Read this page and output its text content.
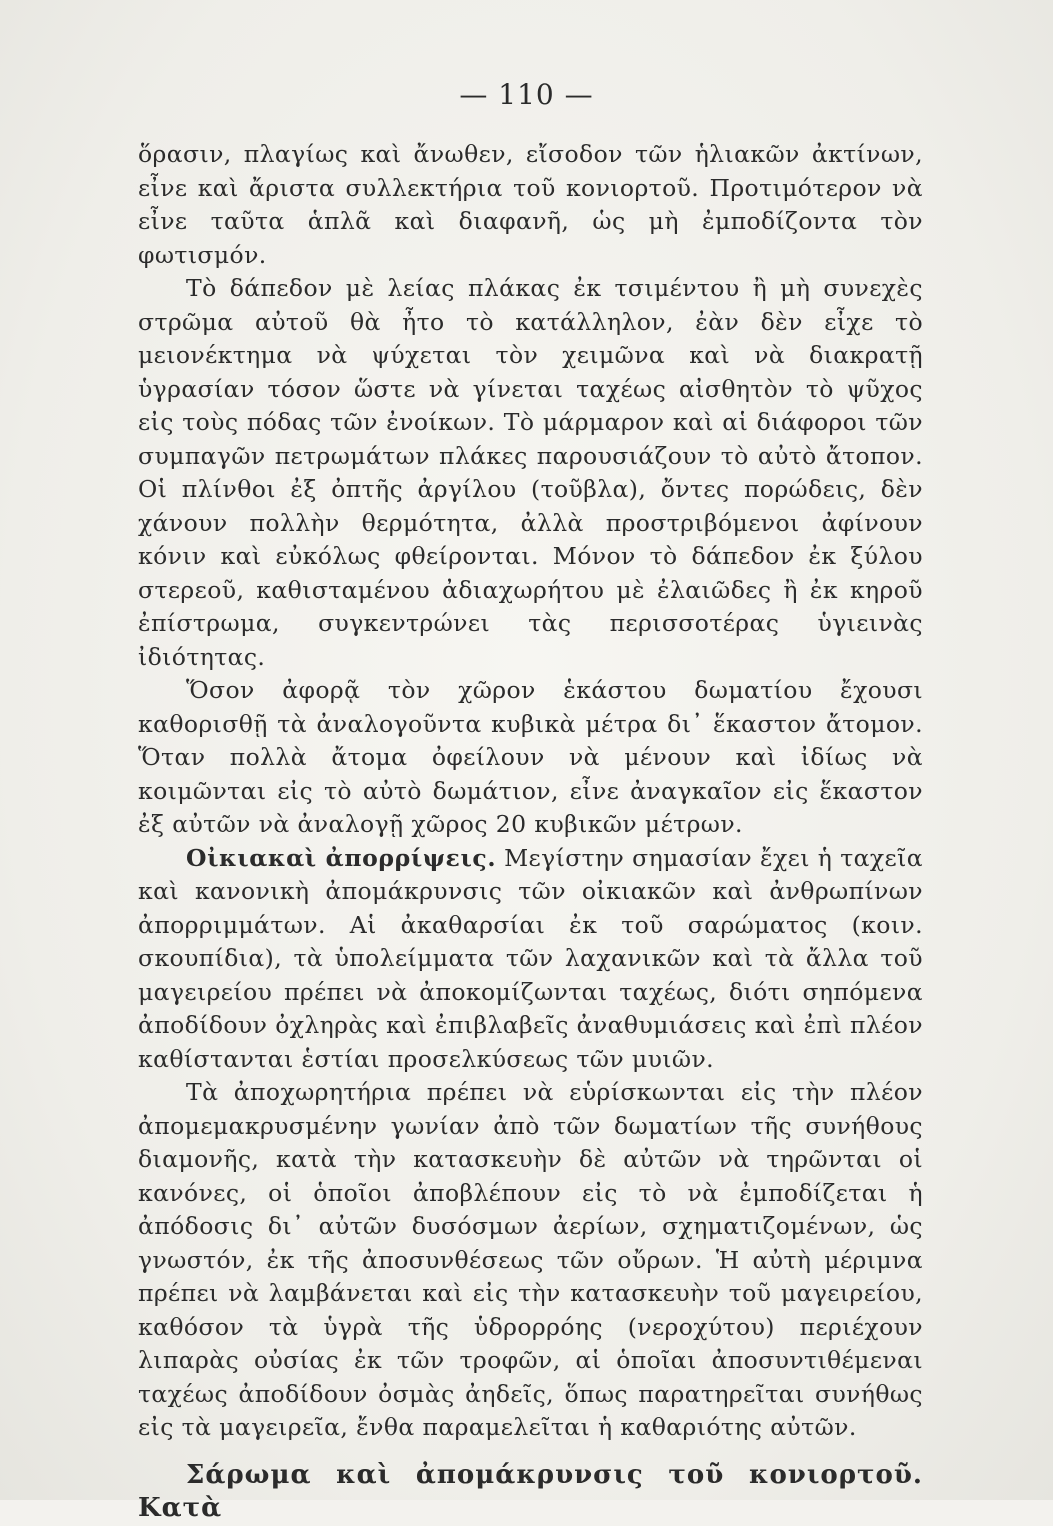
— 110 —

ὅρασιν, πλαγίως καὶ ἄνωθεν, εἴσοδον τῶν ἡλιακῶν ἀκτίνων, εἶνε καὶ ἄριστα συλλεκτήρια τοῦ κονιορτοῦ. Προτιμότερον νὰ εἶνε ταῦτα ἁπλᾶ καὶ διαφανῆ, ὡς μὴ ἐμποδίζοντα τὸν φωτισμόν.

Τὸ δάπεδον μὲ λείας πλάκας ἐκ τσιμέντου ἢ μὴ συνεχὲς στρῶμα αὐτοῦ θὰ ἦτο τὸ κατάλληλον, ἐὰν δὲν εἶχε τὸ μειονέκτημα νὰ ψύχεται τὸν χειμῶνα καὶ νὰ διακρατῇ ὑγρασίαν τόσον ὥστε νὰ γίνεται ταχέως αἰσθητὸν τὸ ψῦχος εἰς τοὺς πόδας τῶν ἐνοίκων. Τὸ μάρμαρον καὶ αἱ διάφοροι τῶν συμπαγῶν πετρωμάτων πλάκες παρουσιάζουν τὸ αὐτὸ ἄτοπον. Οἱ πλίνθοι ἐξ ὀπτῆς ἀργίλου (τοῦβλα), ὄντες πορώδεις, δὲν χάνουν πολλὴν θερμότητα, ἀλλὰ προστριβόμενοι ἀφίνουν κόνιν καὶ εὐκόλως φθείρονται. Μόνον τὸ δάπεδον ἐκ ξύλου στερεοῦ, καθισταμένου ἀδιαχωρήτου μὲ ἐλαιῶδες ἢ ἐκ κηροῦ ἐπίστρωμα, συγκεντρώνει τὰς περισσοτέρας ὑγιεινὰς ἰδιότητας.

Ὅσον ἀφορᾷ τὸν χῶρον ἑκάστου δωματίου ἔχουσι καθορισθῇ τὰ ἀναλογοῦντα κυβικὰ μέτρα δι᾽ ἕκαστον ἄτομον. Ὅταν πολλὰ ἄτομα ὀφείλουν νὰ μένουν καὶ ἰδίως νὰ κοιμῶνται εἰς τὸ αὐτὸ δωμάτιον, εἶνε ἀναγκαῖον εἰς ἕκαστον ἐξ αὐτῶν νὰ ἀναλογῇ χῶρος 20 κυβικῶν μέτρων.

Οἰκιακαὶ ἀπορρίψεις. Μεγίστην σημασίαν ἔχει ἡ ταχεῖα καὶ κανονικὴ ἀπομάκρυνσις τῶν οἰκιακῶν καὶ ἀνθρωπίνων ἀπορριμμάτων. Αἱ ἀκαθαρσίαι ἐκ τοῦ σαρώματος (κοιν. σκουπίδια), τὰ ὑπολείμματα τῶν λαχανικῶν καὶ τὰ ἄλλα τοῦ μαγειρείου πρέπει νὰ ἀποκομίζωνται ταχέως, διότι σηπόμενα ἀποδίδουν ὀχληρὰς καὶ ἐπιβλαβεῖς ἀναθυμιάσεις καὶ ἐπὶ πλέον καθίστανται ἑστίαι προσελκύσεως τῶν μυιῶν.

Τὰ ἀποχωρητήρια πρέπει νὰ εὑρίσκωνται εἰς τὴν πλέον ἀπομεμακρυσμένην γωνίαν ἀπὸ τῶν δωματίων τῆς συνήθους διαμονῆς, κατὰ τὴν κατασκευὴν δὲ αὐτῶν νὰ τηρῶνται οἱ κανόνες, οἱ ὁποῖοι ἀποβλέπουν εἰς τὸ νὰ ἐμποδίζεται ἡ ἀπόδοσις δι᾽ αὐτῶν δυσόσμων ἀερίων, σχηματιζομένων, ὡς γνωστόν, ἐκ τῆς ἀποσυνθέσεως τῶν οὔρων. Ἡ αὐτὴ μέριμνα πρέπει νὰ λαμβάνεται καὶ εἰς τὴν κατασκευὴν τοῦ μαγειρείου, καθόσον τὰ ὑγρὰ τῆς ὑδρορρόης (νεροχύτου) περιέχουν λιπαρὰς οὐσίας ἐκ τῶν τροφῶν, αἱ ὁποῖαι ἀποσυντιθέμεναι ταχέως ἀποδίδουν ὀσμὰς ἀηδεῖς, ὅπως παρατηρεῖται συνήθως εἰς τὰ μαγειρεῖα, ἔνθα παραμελεῖται ἡ καθαριότης αὐτῶν.

Σάρωμα καὶ ἀπομάκρυνσις τοῦ κονιορτοῦ. Κατὰ
